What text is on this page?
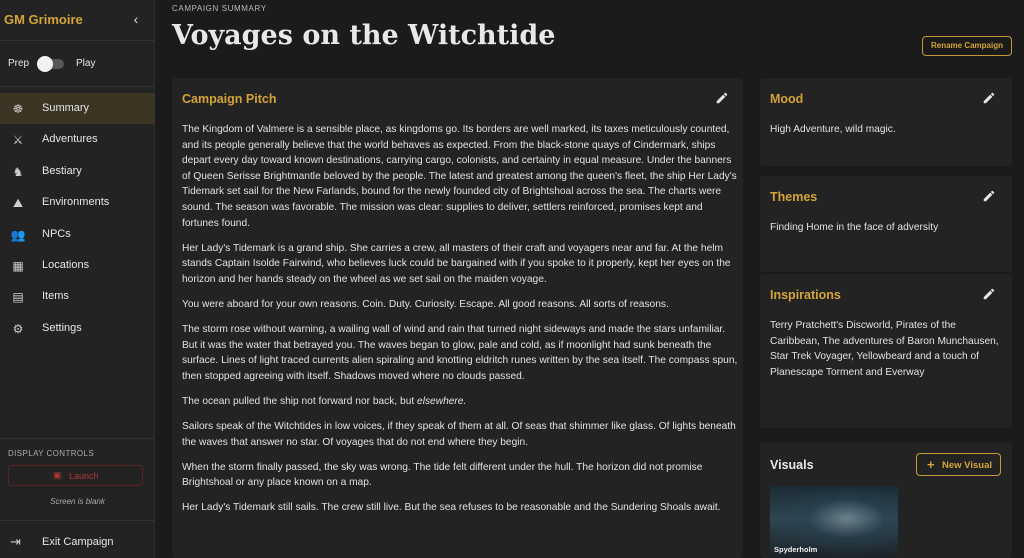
GM Grimoire	‹
Prep	Play
☸ Summary
⚔ Adventures
♞ Bestiary
⛰ Environments
👥 NPCs
▦ Locations
▤ Items
⚙ Settings
DISPLAY CONTROLS
▣ Launch
Screen is blank
⇥ Exit Campaign
CAMPAIGN SUMMARY
Voyages on the Witchtide	Rename Campaign
Campaign Pitch

The Kingdom of Valmere is a sensible place, as kingdoms go. Its borders are well marked, its taxes meticulously counted, and its people generally believe that the world behaves as expected. From the black-stone quays of Cindermark, ships depart every day toward known destinations, carrying cargo, colonists, and certainty in equal measure. Under the banners of Queen Serisse Brightmantle beloved by the people. The latest and greatest among the queen's fleet, the ship Her Lady's Tidemark set sail for the New Farlands, bound for the newly founded city of Brightshoal across the sea. The charts were sound. The season was favorable. The mission was clear: supplies to deliver, settlers reinforced, promises kept and fortunes found.

Her Lady's Tidemark is a grand ship. She carries a crew, all masters of their craft and voyagers near and far. At the helm stands Captain Isolde Fairwind, who believes luck could be bargained with if you spoke to it properly, kept her eyes on the horizon and her hands steady on the wheel as we set sail on the maiden voyage.

You were aboard for your own reasons. Coin. Duty. Curiosity. Escape. All good reasons. All sorts of reasons.

The storm rose without warning, a wailing wall of wind and rain that turned night sideways and made the stars unfamiliar. But it was the water that betrayed you. The waves began to glow, pale and cold, as if moonlight had sunk beneath the surface. Lines of light traced currents alien spiraling and knotting eldritch runes written by the sea itself. The compass spun, then stopped agreeing with itself. Shadows moved where no clouds passed.

The ocean pulled the ship not forward nor back, but elsewhere.

Sailors speak of the Witchtides in low voices, if they speak of them at all. Of seas that shimmer like glass. Of lights beneath the waves that answer no star. Of voyages that do not end where they begin.

When the storm finally passed, the sky was wrong. The tide felt different under the hull. The horizon did not promise Brightshoal or any place known on a map.

Her Lady's Tidemark still sails. The crew still live. But the sea refuses to be reasonable and the Sundering Shoals await.

Mood
High Adventure, wild magic.
Themes
Finding Home in the face of adversity
Inspirations
Terry Pratchett's Discworld, Pirates of the Caribbean, The adventures of Baron Munchausen, Star Trek Voyager, Yellowbeard and a touch of Planescape Torment and Everway
Visuals	+ New Visual
Spyderholm
